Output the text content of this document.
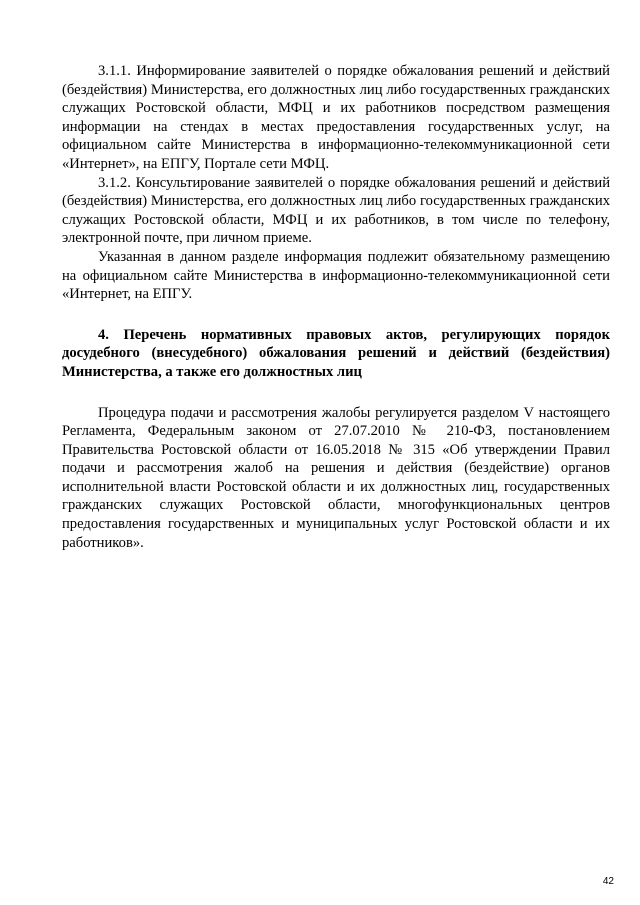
3.1.1. Информирование заявителей о порядке обжалования решений и действий (бездействия) Министерства, его должностных лиц либо государственных гражданских служащих Ростовской области, МФЦ и их работников посредством размещения информации на стендах в местах предоставления государственных услуг, на официальном сайте Министерства в информационно-телекоммуникационной сети «Интернет», на ЕПГУ, Портале сети МФЦ.

3.1.2. Консультирование заявителей о порядке обжалования решений и действий (бездействия) Министерства, его должностных лиц либо государственных гражданских служащих Ростовской области, МФЦ и их работников, в том числе по телефону, электронной почте, при личном приеме.

Указанная в данном разделе информация подлежит обязательному размещению на официальном сайте Министерства в информационно-телекоммуникационной сети «Интернет, на ЕПГУ.

4. Перечень нормативных правовых актов, регулирующих порядок досудебного (внесудебного) обжалования решений и действий (бездействия) Министерства, а также его должностных лиц

Процедура подачи и рассмотрения жалобы регулируется разделом V настоящего Регламента, Федеральным законом от 27.07.2010 № 210-ФЗ, постановлением Правительства Ростовской области от 16.05.2018 № 315 «Об утверждении Правил подачи и рассмотрения жалоб на решения и действия (бездействие) органов исполнительной власти Ростовской области и их должностных лиц, государственных гражданских служащих Ростовской области, многофункциональных центров предоставления государственных и муниципальных услуг Ростовской области и их работников».

42
